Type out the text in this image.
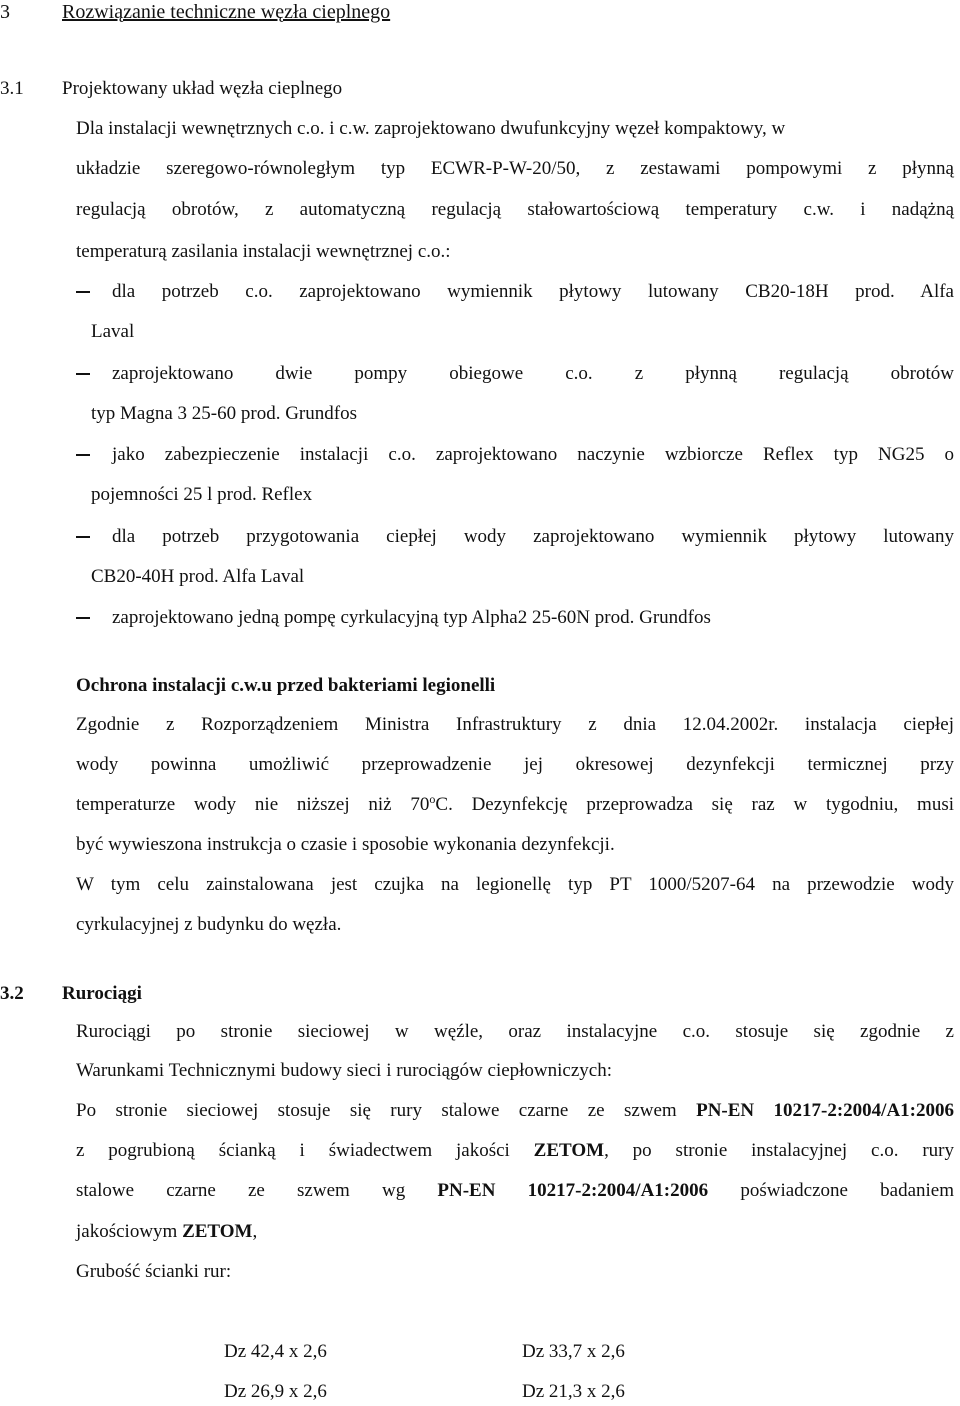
3	Rozwiązanie techniczne węzła cieplnego
3.1 Projektowany układ węzła cieplnego
Dla instalacji wewnętrznych c.o. i c.w. zaprojektowano dwufunkcyjny węzeł kompaktowy, w
układzie szeregowo-równoległym typ ECWR-P-W-20/50, z zestawami pompowymi z płynną
regulacją obrotów, z automatyczną regulacją stałowartościową temperatury c.w. i nadążną
temperaturą zasilania instalacji wewnętrznej c.o.:
dla potrzeb c.o. zaprojektowano wymiennik płytowy lutowany CB20-18H prod. Alfa
Laval
zaprojektowano dwie pompy obiegowe c.o. z płynną regulacją obrotów
typ Magna 3 25-60 prod. Grundfos
jako zabezpieczenie instalacji c.o. zaprojektowano naczynie wzbiorcze Reflex typ NG25 o
pojemności 25 l prod. Reflex
dla potrzeb przygotowania ciepłej wody zaprojektowano wymiennik płytowy lutowany
CB20-40H prod. Alfa Laval
zaprojektowano jedną pompę cyrkulacyjną typ Alpha2 25-60N prod. Grundfos
Ochrona instalacji c.w.u przed bakteriami legionelli
Zgodnie z Rozporządzeniem Ministra Infrastruktury z dnia 12.04.2002r. instalacja ciepłej
wody powinna umożliwić przeprowadzenie jej okresowej dezynfekcji termicznej przy
temperaturze wody nie niższej niż 70$^o$C. Dezynfekcję przeprowadza się raz w tygodniu, musi
być wywieszona instrukcja o czasie i sposobie wykonania dezynfekcji.
W tym celu zainstalowana jest czujka na legionellę typ PT 1000/5207-64 na przewodzie wody
cyrkulacyjnej z budynku do węzła.
3.2 Rurociągi
Rurociągi po stronie sieciowej w węźle, oraz instalacyjne c.o. stosuje się zgodnie z
Warunkami Technicznymi budowy sieci i rurociągów ciepłowniczych:
Po stronie sieciowej stosuje się rury stalowe czarne ze szwem PN-EN 10217-2:2004/A1:2006
z pogrubioną ścianką i świadectwem jakości ZETOM, po stronie instalacyjnej c.o. rury
stalowe czarne ze szwem wg PN-EN 10217-2:2004/A1:2006 poświadczone badaniem
jakościowym ZETOM,
Grubość ścianki rur:
Dz 42,4 x 2,6	Dz 33,7 x 2,6
Dz 26,9 x 2,6	Dz 21,3 x 2,6
